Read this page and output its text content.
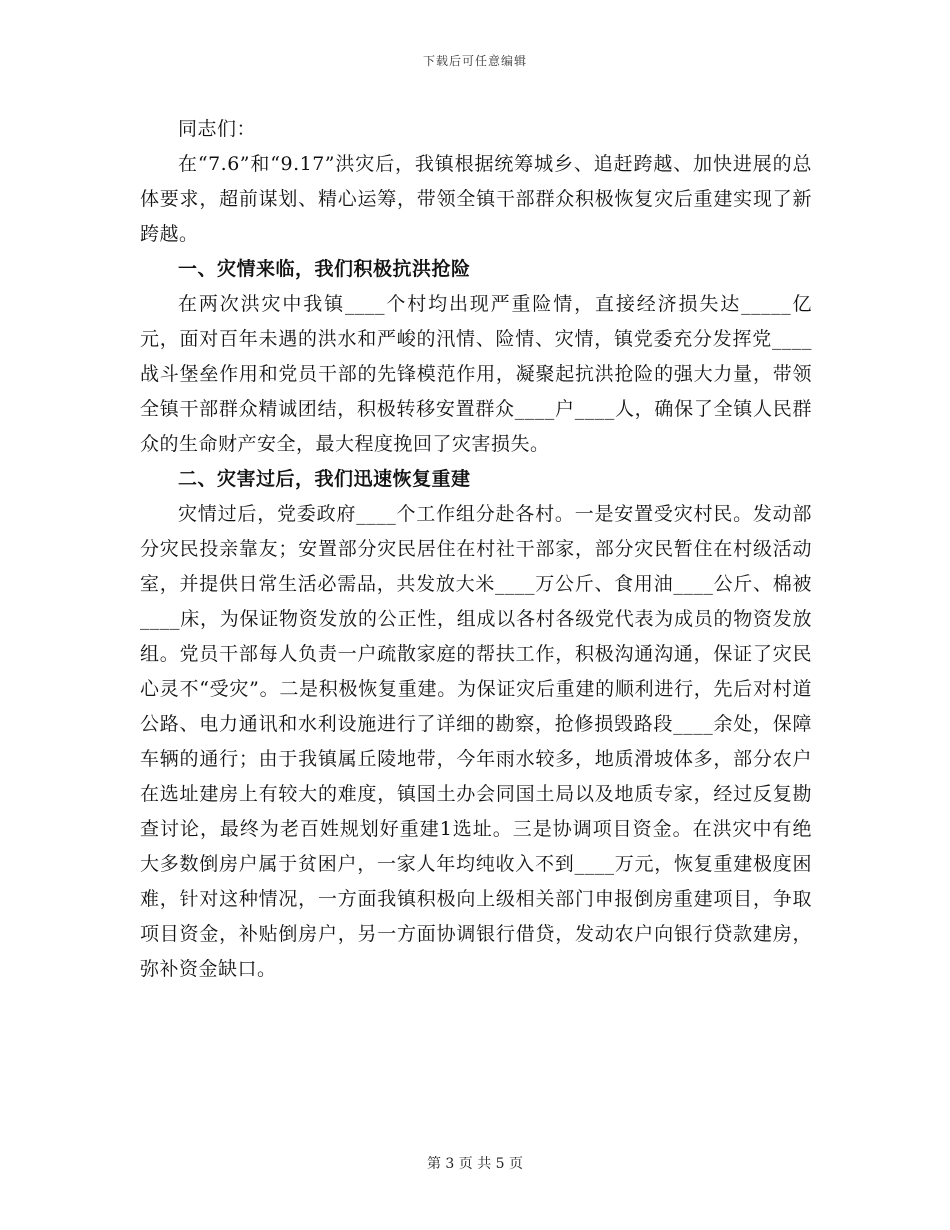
下载后可任意编辑

同志们：

在“7.6”和“9.17”洪灾后，我镇根据统筹城乡、追赶跨越、加快进展的总体要求，超前谋划、精心运筹，带领全镇干部群众积极恢复灾后重建实现了新跨越。

一、灾情来临，我们积极抗洪抢险

在两次洪灾中我镇____个村均出现严重险情，直接经济损失达_____亿元，面对百年未遇的洪水和严峻的汛情、险情、灾情，镇党委充分发挥党____战斗堡垒作用和党员干部的先锋模范作用，凝聚起抗洪抢险的强大力量，带领全镇干部群众精诚团结，积极转移安置群众____户____人，确保了全镇人民群众的生命财产安全，最大程度挽回了灾害损失。

二、灾害过后，我们迅速恢复重建

灾情过后，党委政府____个工作组分赴各村。一是安置受灾村民。发动部分灾民投亲靠友；安置部分灾民居住在村社干部家，部分灾民暂住在村级活动室，并提供日常生活必需品，共发放大米____万公斤、食用油____公斤、棉被____床，为保证物资发放的公正性，组成以各村各级党代表为成员的物资发放组。党员干部每人负责一户疏散家庭的帮扶工作，积极沟通沟通，保证了灾民心灵不“受灾”。二是积极恢复重建。为保证灾后重建的顺利进行，先后对村道公路、电力通讯和水利设施进行了详细的勘察，抢修损毁路段____余处，保障车辆的通行；由于我镇属丘陵地带，今年雨水较多，地质滑坡体多，部分农户在选址建房上有较大的难度，镇国土办会同国土局以及地质专家，经过反复勘查讨论，最终为老百姓规划好重建1选址。三是协调项目资金。在洪灾中有绝大多数倒房户属于贫困户，一家人年均纯收入不到____万元，恢复重建极度困难，针对这种情况，一方面我镇积极向上级相关部门申报倒房重建项目，争取项目资金，补贴倒房户，另一方面协调银行借贷，发动农户向银行贷款建房，弥补资金缺口。

第 3 页 共 5 页
